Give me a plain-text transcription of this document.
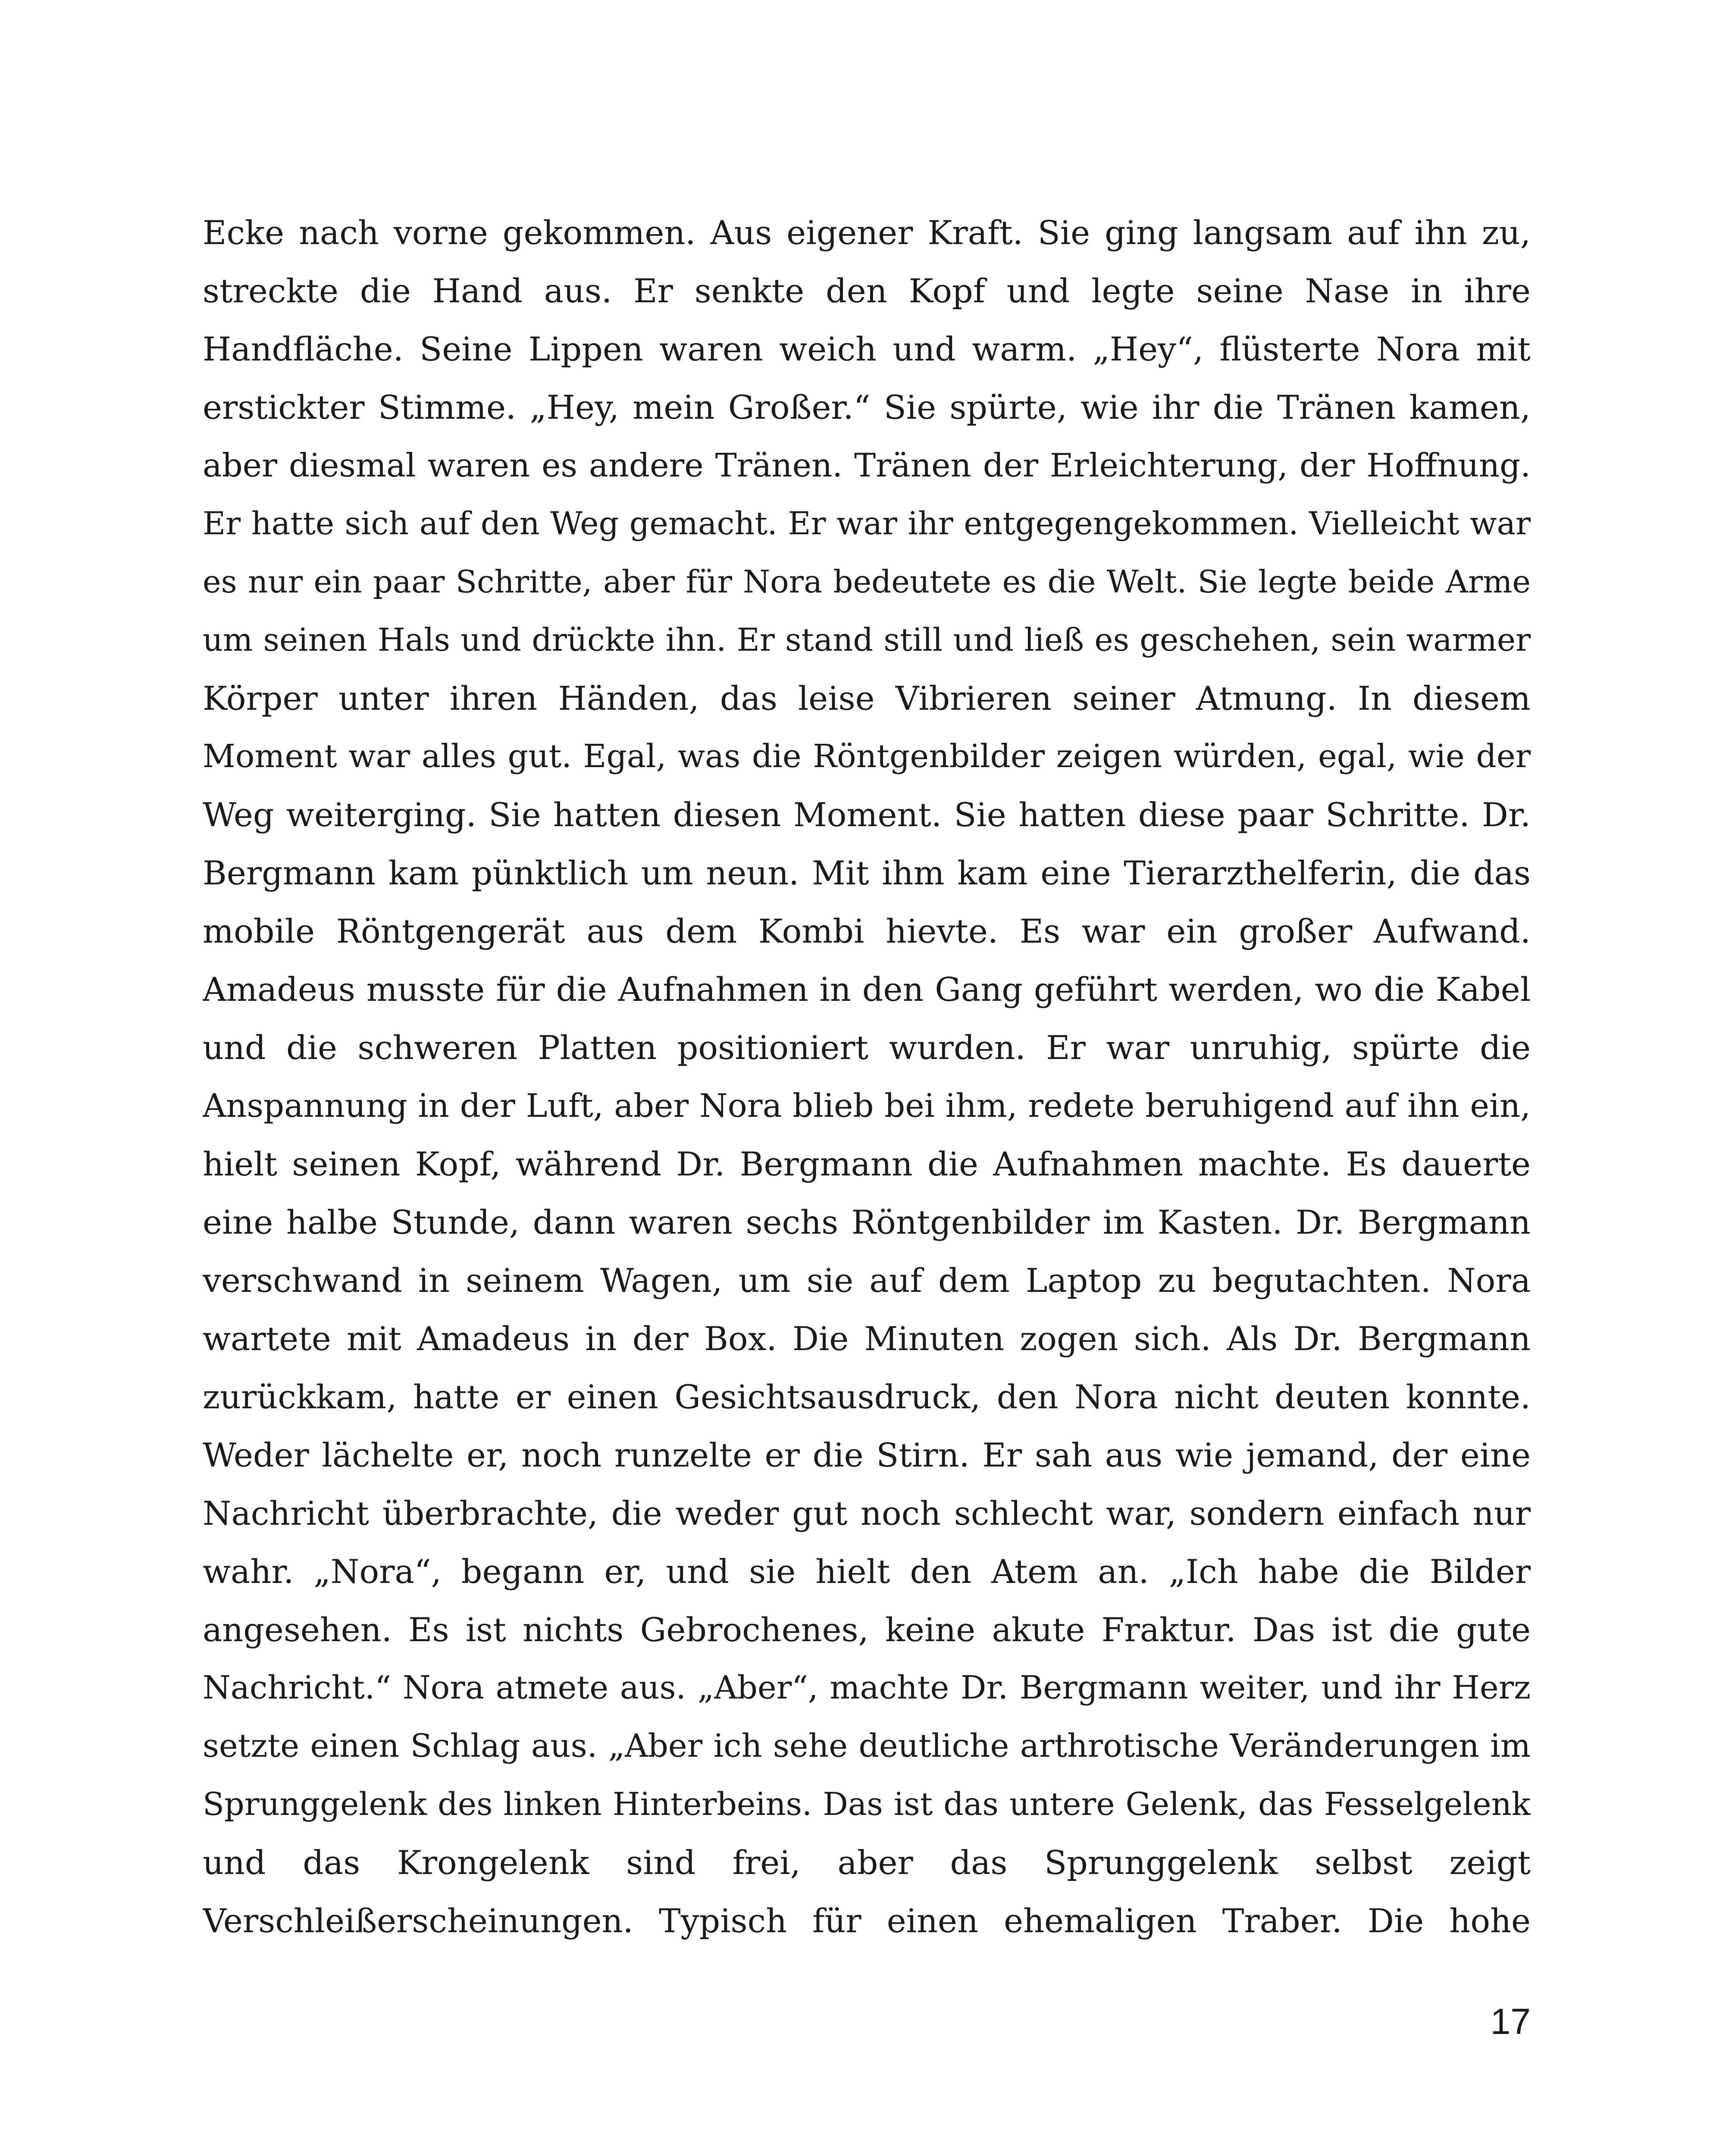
Ecke nach vorne gekommen. Aus eigener Kraft. Sie ging langsam auf ihn zu,
streckte die Hand aus. Er senkte den Kopf und legte seine Nase in ihre
Handfläche. Seine Lippen waren weich und warm. „Hey“, flüsterte Nora mit
erstickter Stimme. „Hey, mein Großer.“ Sie spürte, wie ihr die Tränen kamen,
aber diesmal waren es andere Tränen. Tränen der Erleichterung, der Hoffnung.
Er hatte sich auf den Weg gemacht. Er war ihr entgegengekommen. Vielleicht war
es nur ein paar Schritte, aber für Nora bedeutete es die Welt. Sie legte beide Arme
um seinen Hals und drückte ihn. Er stand still und ließ es geschehen, sein warmer
Körper unter ihren Händen, das leise Vibrieren seiner Atmung. In diesem
Moment war alles gut. Egal, was die Röntgenbilder zeigen würden, egal, wie der
Weg weiterging. Sie hatten diesen Moment. Sie hatten diese paar Schritte. Dr.
Bergmann kam pünktlich um neun. Mit ihm kam eine Tierarzthelferin, die das
mobile Röntgengerät aus dem Kombi hievte. Es war ein großer Aufwand.
Amadeus musste für die Aufnahmen in den Gang geführt werden, wo die Kabel
und die schweren Platten positioniert wurden. Er war unruhig, spürte die
Anspannung in der Luft, aber Nora blieb bei ihm, redete beruhigend auf ihn ein,
hielt seinen Kopf, während Dr. Bergmann die Aufnahmen machte. Es dauerte
eine halbe Stunde, dann waren sechs Röntgenbilder im Kasten. Dr. Bergmann
verschwand in seinem Wagen, um sie auf dem Laptop zu begutachten. Nora
wartete mit Amadeus in der Box. Die Minuten zogen sich. Als Dr. Bergmann
zurückkam, hatte er einen Gesichtsausdruck, den Nora nicht deuten konnte.
Weder lächelte er, noch runzelte er die Stirn. Er sah aus wie jemand, der eine
Nachricht überbrachte, die weder gut noch schlecht war, sondern einfach nur
wahr. „Nora“, begann er, und sie hielt den Atem an. „Ich habe die Bilder
angesehen. Es ist nichts Gebrochenes, keine akute Fraktur. Das ist die gute
Nachricht.“ Nora atmete aus. „Aber“, machte Dr. Bergmann weiter, und ihr Herz
setzte einen Schlag aus. „Aber ich sehe deutliche arthrotische Veränderungen im
Sprunggelenk des linken Hinterbeins. Das ist das untere Gelenk, das Fesselgelenk
und das Krongelenk sind frei, aber das Sprunggelenk selbst zeigt
Verschleißerscheinungen. Typisch für einen ehemaligen Traber. Die hohe
17
